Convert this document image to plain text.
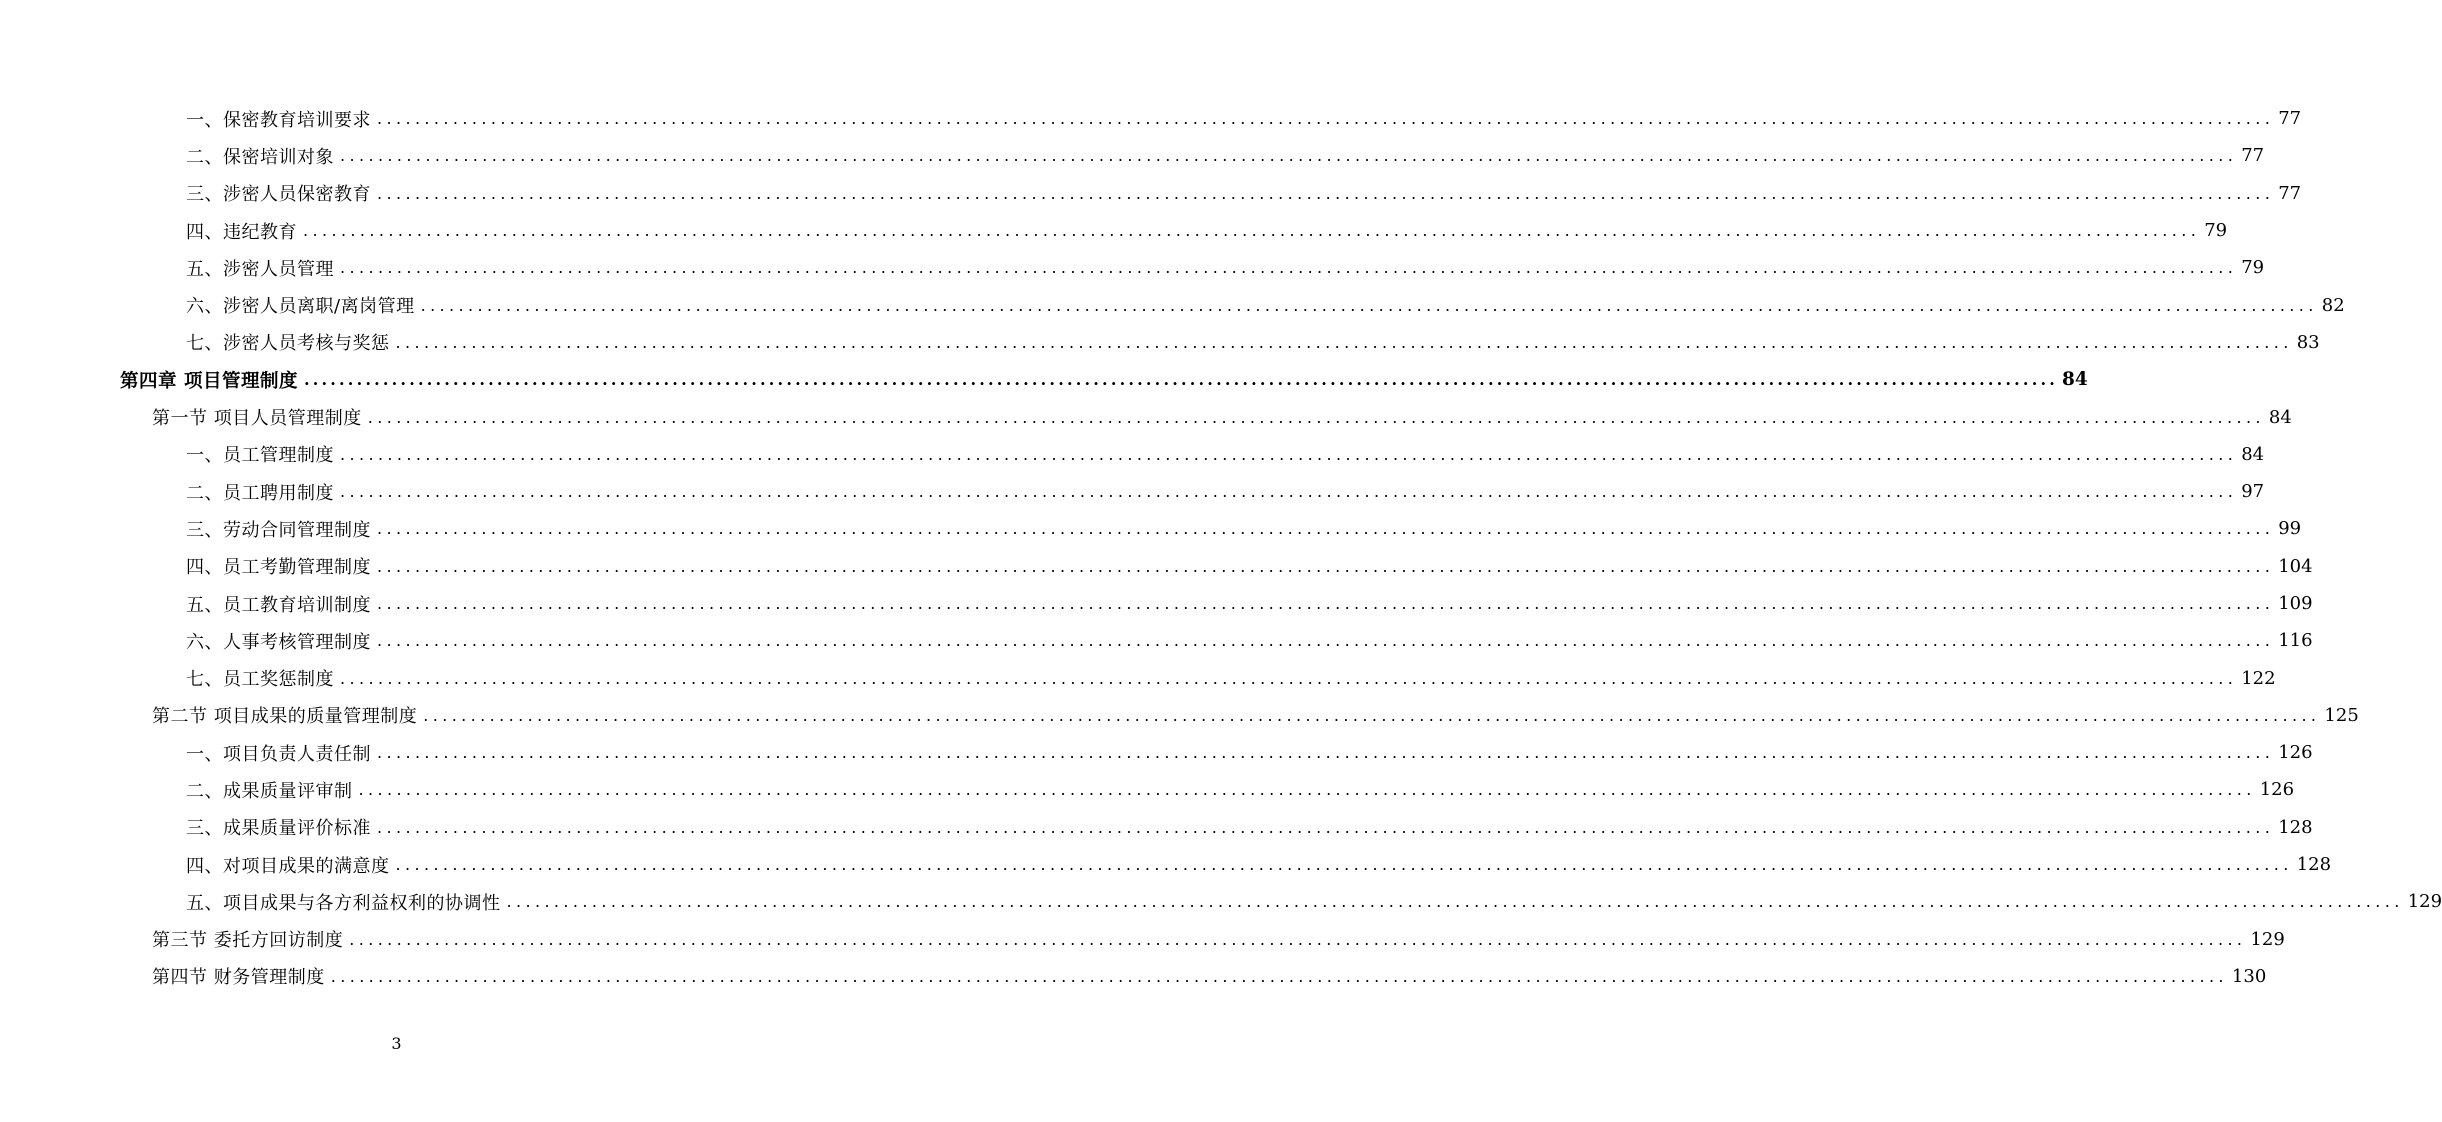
一、保密教育培训要求 ........................................................................................................................................................................................................ 77
二、保密培训对象 ........................................................................................................................................................................................................ 77
三、涉密人员保密教育 ........................................................................................................................................................................................................ 77
四、违纪教育 ........................................................................................................................................................................................................ 79
五、涉密人员管理 ........................................................................................................................................................................................................ 79
六、涉密人员离职/离岗管理 ........................................................................................................................................................................................................ 82
七、涉密人员考核与奖惩 ........................................................................................................................................................................................................ 83
第四章 项目管理制度 ........................................................................................................................................................................................................ 84
第一节 项目人员管理制度 ........................................................................................................................................................................................................ 84
一、员工管理制度 ........................................................................................................................................................................................................ 84
二、员工聘用制度 ........................................................................................................................................................................................................ 97
三、劳动合同管理制度 ........................................................................................................................................................................................................ 99
四、员工考勤管理制度 ........................................................................................................................................................................................................ 104
五、员工教育培训制度 ........................................................................................................................................................................................................ 109
六、人事考核管理制度 ........................................................................................................................................................................................................ 116
七、员工奖惩制度 ........................................................................................................................................................................................................ 122
第二节 项目成果的质量管理制度 ........................................................................................................................................................................................................ 125
一、项目负责人责任制 ........................................................................................................................................................................................................ 126
二、成果质量评审制 ........................................................................................................................................................................................................ 126
三、成果质量评价标准 ........................................................................................................................................................................................................ 128
四、对项目成果的满意度 ........................................................................................................................................................................................................ 128
五、项目成果与各方利益权利的协调性 ........................................................................................................................................................................................................ 129
第三节 委托方回访制度 ........................................................................................................................................................................................................ 129
第四节 财务管理制度 ........................................................................................................................................................................................................ 130
3
